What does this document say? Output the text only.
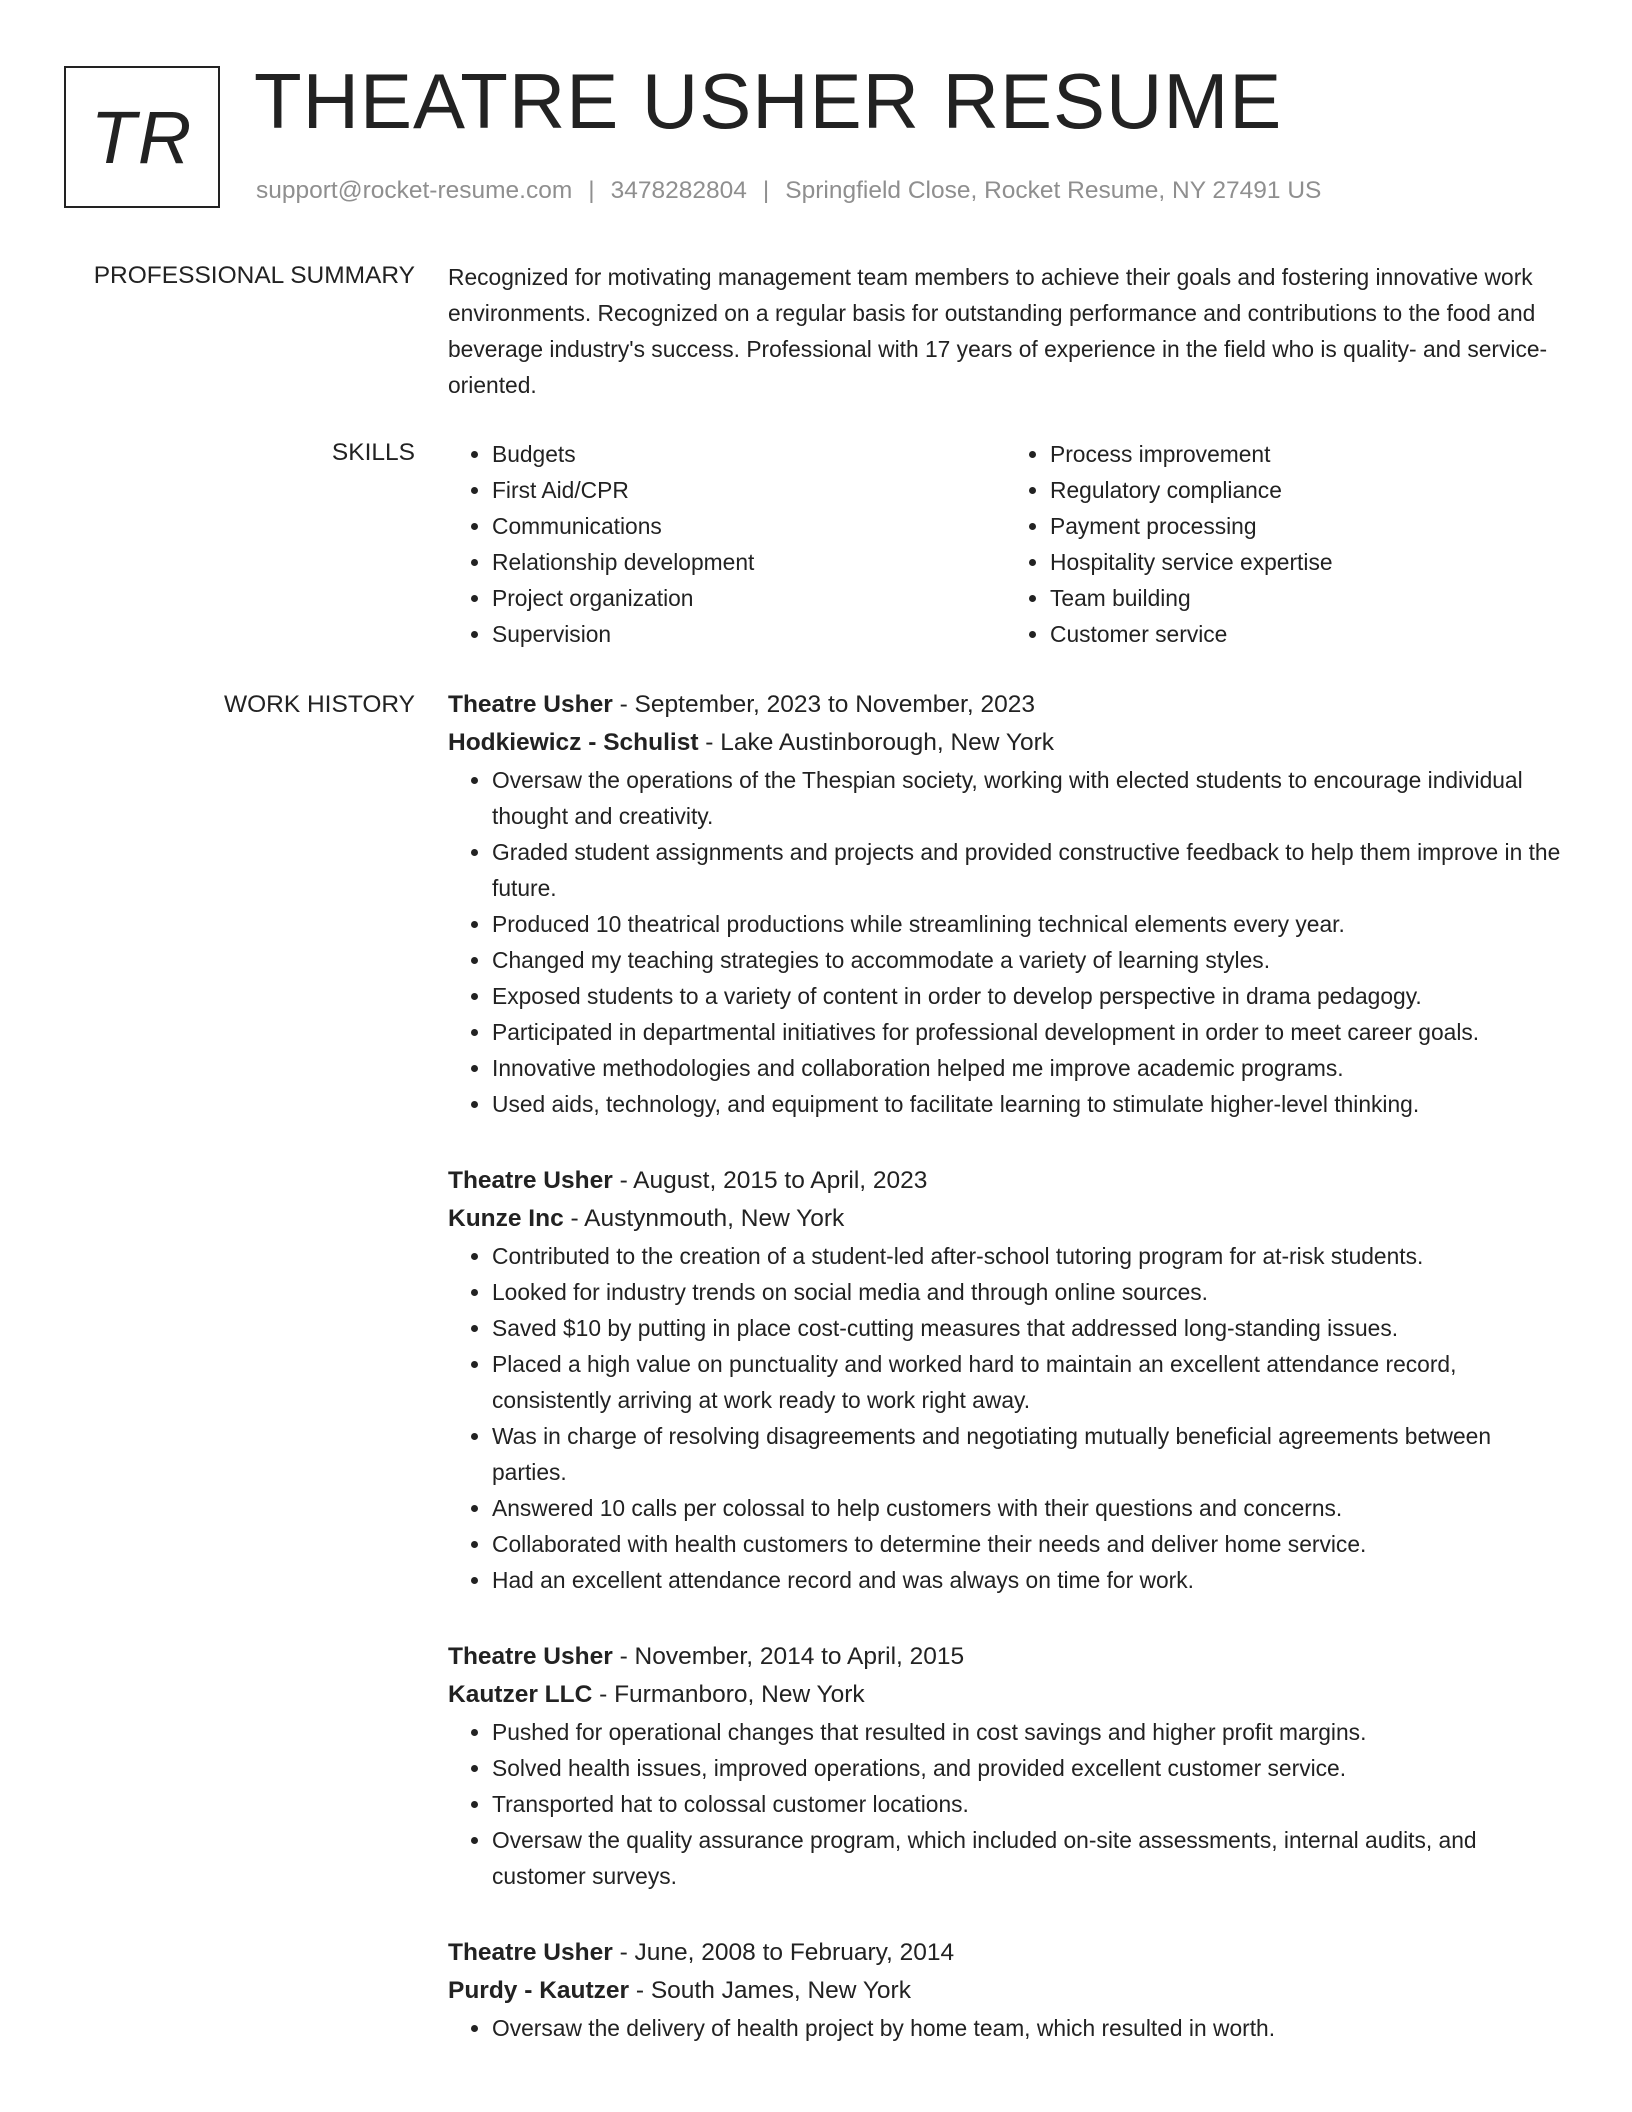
TR THEATRE USHER RESUME
support@rocket-resume.com | 3478282804 | Springfield Close, Rocket Resume, NY 27491 US
PROFESSIONAL SUMMARY Recognized for motivating management team members to achieve their goals and fostering innovative work environments. Recognized on a regular basis for outstanding performance and contributions to the food and beverage industry's success. Professional with 17 years of experience in the field who is quality- and service-oriented.

SKILLS
•	Budgets
• First Aid/CPR
• Communications
• Relationship development
• Project organization
• Supervision
• Process improvement
• Regulatory compliance
• Payment processing
• Hospitality service expertise
• Team building
• Customer service
WORK HISTORY Theatre Usher - September, 2023 to November, 2023
Hodkiewicz - Schulist - Lake Austinborough, New York
• Oversaw the operations of the Thespian society, working with elected students to encourage individual thought and creativity.
• Graded student assignments and projects and provided constructive feedback to help them improve in the future.
• Produced 10 theatrical productions while streamlining technical elements every year.
• Changed my teaching strategies to accommodate a variety of learning styles.
• Exposed students to a variety of content in order to develop perspective in drama pedagogy.
• Participated in departmental initiatives for professional development in order to meet career goals.
• Innovative methodologies and collaboration helped me improve academic programs.
• Used aids, technology, and equipment to facilitate learning to stimulate higher-level thinking.
Theatre Usher - August, 2015 to April, 2023
Kunze Inc - Austynmouth, New York
• Contributed to the creation of a student-led after-school tutoring program for at-risk students.
• Looked for industry trends on social media and through online sources.
• Saved $10 by putting in place cost-cutting measures that addressed long-standing issues.
• Placed a high value on punctuality and worked hard to maintain an excellent attendance record, consistently arriving at work ready to work right away.
• Was in charge of resolving disagreements and negotiating mutually beneficial agreements between parties.
• Answered 10 calls per colossal to help customers with their questions and concerns.
• Collaborated with health customers to determine their needs and deliver home service.
• Had an excellent attendance record and was always on time for work.
Theatre Usher - November, 2014 to April, 2015
Kautzer LLC - Furmanboro, New York
• Pushed for operational changes that resulted in cost savings and higher profit margins.
• Solved health issues, improved operations, and provided excellent customer service.
• Transported hat to colossal customer locations.
• Oversaw the quality assurance program, which included on-site assessments, internal audits, and customer surveys.
Theatre Usher - June, 2008 to February, 2014
Purdy - Kautzer - South James, New York
• Oversaw the delivery of health project by home team, which resulted in worth.
